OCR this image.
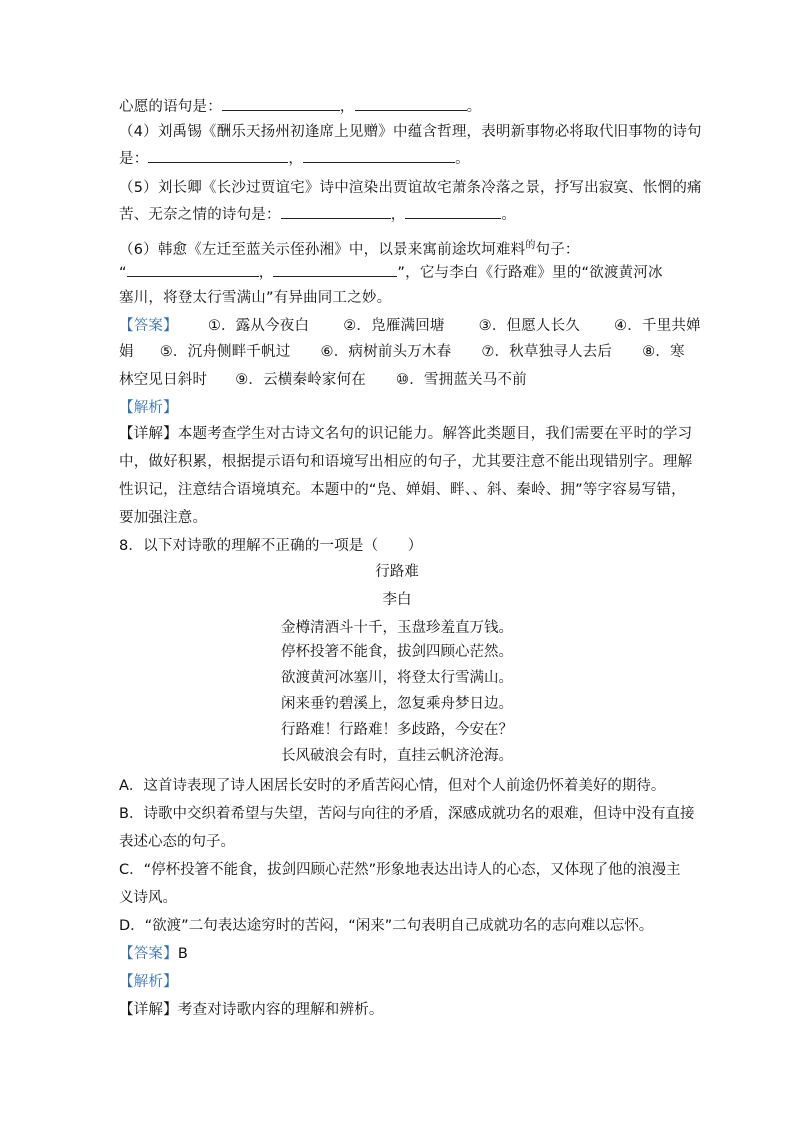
心愿的语句是：	，	。
（4）刘禹锡《酬乐天扬州初逢席上见赠》中蕴含哲理，表明新事物必将取代旧事物的诗句
是：	，	。
（5）刘长卿《长沙过贾谊宅》诗中渲染出贾谊故宅萧条冷落之景，抒写出寂寞、怅惘的痛
苦、无奈之情的诗句是：	，	。
（6）韩愈《左迁至蓝关示侄孙湘》中，以景来寓前途坎坷难料$^的$句子：
“	，	”，它与李白《行路难》里的“欲渡黄河冰
塞川，将登太行雪满山”有异曲同工之妙。
【答案】 ①．露从今夜白 ②．凫雁满回塘 ③．但愿人长久 ④．千里共婵
娟 ⑤．沉舟侧畔千帆过 ⑥．病树前头万木春 ⑦．秋草独寻人去后 ⑧．寒
林空见日斜时 ⑨．云横秦岭家何在 ⑩．雪拥蓝关马不前
【解析】
【详解】本题考查学生对古诗文名句的识记能力。解答此类题目，我们需要在平时的学习
中，做好积累，根据提示语句和语境写出相应的句子，尤其要注意不能出现错别字。理解
性识记，注意结合语境填充。本题中的“凫、婵娟、畔、、斜、秦岭、拥”等字容易写错，
要加强注意。
8．以下对诗歌的理解不正确的一项是（　　）
行路难
李白
金樽清酒斗十千，玉盘珍羞直万钱。
停杯投箸不能食，拔剑四顾心茫然。
欲渡黄河冰塞川，将登太行雪满山。
闲来垂钓碧溪上，忽复乘舟梦日边。
行路难！行路难！多歧路，今安在？
长风破浪会有时，直挂云帆济沧海。
A．这首诗表现了诗人困居长安时的矛盾苦闷心情，但对个人前途仍怀着美好的期待。
B．诗歌中交织着希望与失望，苦闷与向往的矛盾，深感成就功名的艰难，但诗中没有直接
表述心态的句子。
C．“停杯投箸不能食，拔剑四顾心茫然”形象地表达出诗人的心态，又体现了他的浪漫主
义诗风。
D．“欲渡”二句表达途穷时的苦闷，“闲来”二句表明自己成就功名的志向难以忘怀。
【答案】B
【解析】
【详解】考查对诗歌内容的理解和辨析。
